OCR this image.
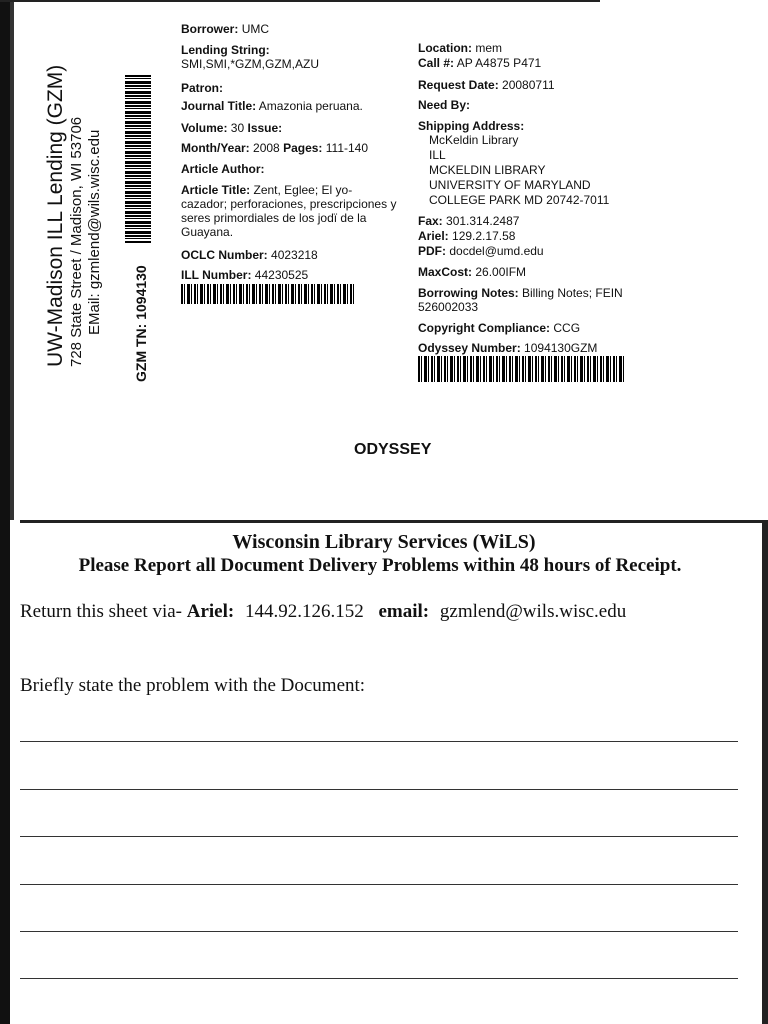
UW-Madison ILL Lending (GZM) 728 State Street / Madison, WI 53706 EMail: gzmlend@wils.wisc.edu GZM TN: 1094130
Borrower: UMC
Lending String:
SMI,SMI,*GZM,GZM,AZU
Patron:
Journal Title: Amazonia peruana.
Volume: 30 Issue:
Month/Year: 2008 Pages: 111-140
Article Author:
Article Title: Zent, Eglee; El yo-
cazador; perforaciones, prescripciones y
seres primordiales de los jodï de la
Guayana.
OCLC Number: 4023218
ILL Number: 44230525
Location: mem
Call #: AP A4875 P471
Request Date: 20080711
Need By:
Shipping Address:
McKeldin Library
ILL
MCKELDIN LIBRARY
UNIVERSITY OF MARYLAND
COLLEGE PARK MD 20742-7011
Fax: 301.314.2487
Ariel: 129.2.17.58
PDF: docdel@umd.edu
MaxCost: 26.00IFM
Borrowing Notes: Billing Notes; FEIN
526002033
Copyright Compliance: CCG
Odyssey Number: 1094130GZM
ODYSSEY
Wisconsin Library Services (WiLS)
Please Report all Document Delivery Problems within 48 hours of Receipt.
Return this sheet via- Ariel: 144.92.126.152 email: gzmlend@wils.wisc.edu
Briefly state the problem with the Document:
